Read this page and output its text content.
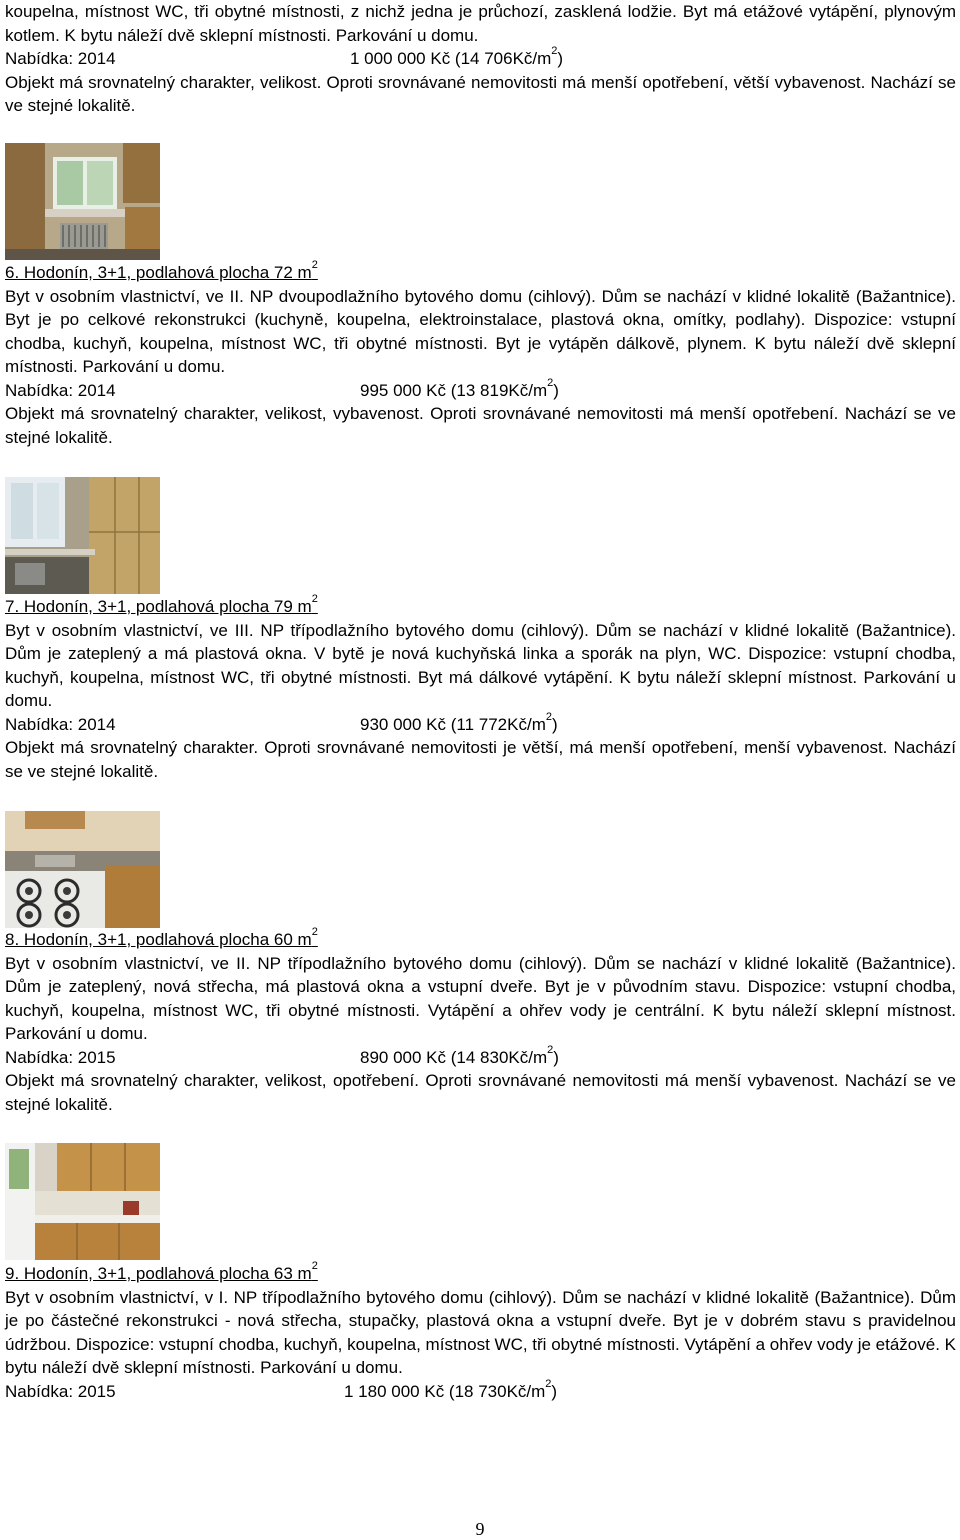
koupelna, místnost WC, tři obytné místnosti, z nichž jedna je průchozí, zasklená lodžie. Byt má etážové vytápění, plynovým kotlem. K bytu náleží dvě sklepní místnosti. Parkování u domu.

Nabídka: 2014	1 000 000 Kč (14 $706Kč/m^2$)

Objekt má srovnatelný charakter, velikost. Oproti srovnávané nemovitosti má menší opotřebení, větší vybavenost. Nachází se ve stejné lokalitě.

6. Hodonín, 3+1, podlahová plocha 72 $m^2$

Byt v osobním vlastnictví, ve II. NP dvoupodlažního bytového domu (cihlový). Dům se nachází v klidné lokalitě (Bažantnice). Byt je po celkové rekonstrukci (kuchyně, koupelna, elektroinstalace, plastová okna, omítky, podlahy). Dispozice: vstupní chodba, kuchyň, koupelna, místnost WC, tři obytné místnosti. Byt je vytápěn dálkově, plynem. K bytu náleží dvě sklepní místnosti. Parkování u domu.

Nabídka: 2014	995 000 Kč (13 $819Kč/m^2$)

Objekt má srovnatelný charakter, velikost, vybavenost. Oproti srovnávané nemovitosti má menší opotřebení. Nachází se ve stejné lokalitě.

7. Hodonín, 3+1, podlahová plocha 79 $m^2$

Byt v osobním vlastnictví, ve III. NP třípodlažního bytového domu (cihlový). Dům se nachází v klidné lokalitě (Bažantnice). Dům je zateplený a má plastová okna. V bytě je nová kuchyňská linka a sporák na plyn, WC. Dispozice: vstupní chodba, kuchyň, koupelna, místnost WC, tři obytné místnosti. Byt má dálkové vytápění. K bytu náleží sklepní místnost. Parkování u domu.

Nabídka: 2014	930 000 Kč (11 $772Kč/m^2$)

Objekt má srovnatelný charakter. Oproti srovnávané nemovitosti je větší, má menší opotřebení, menší vybavenost. Nachází se ve stejné lokalitě.

8. Hodonín, 3+1, podlahová plocha 60 $m^2$

Byt v osobním vlastnictví, ve II. NP třípodlažního bytového domu (cihlový). Dům se nachází v klidné lokalitě (Bažantnice). Dům je zateplený, nová střecha, má plastová okna a vstupní dveře. Byt je v původním stavu. Dispozice: vstupní chodba, kuchyň, koupelna, místnost WC, tři obytné místnosti. Vytápění a ohřev vody je centrální. K bytu náleží sklepní místnost. Parkování u domu.

Nabídka: 2015	890 000 Kč (14 $830Kč/m^2$)

Objekt má srovnatelný charakter, velikost, opotřebení. Oproti srovnávané nemovitosti má menší vybavenost. Nachází se ve stejné lokalitě.

9. Hodonín, 3+1, podlahová plocha 63 $m^2$

Byt v osobním vlastnictví, v I. NP třípodlažního bytového domu (cihlový). Dům se nachází v klidné lokalitě (Bažantnice). Dům je po částečné rekonstrukci - nová střecha, stupačky, plastová okna a vstupní dveře. Byt je v dobrém stavu s pravidelnou údržbou. Dispozice: vstupní chodba, kuchyň, koupelna, místnost WC, tři obytné místnosti. Vytápění a ohřev vody je etážové. K bytu náleží dvě sklepní místnosti. Parkování u domu.

Nabídka: 2015	1 180 000 Kč (18 $730Kč/m^2$)
9
